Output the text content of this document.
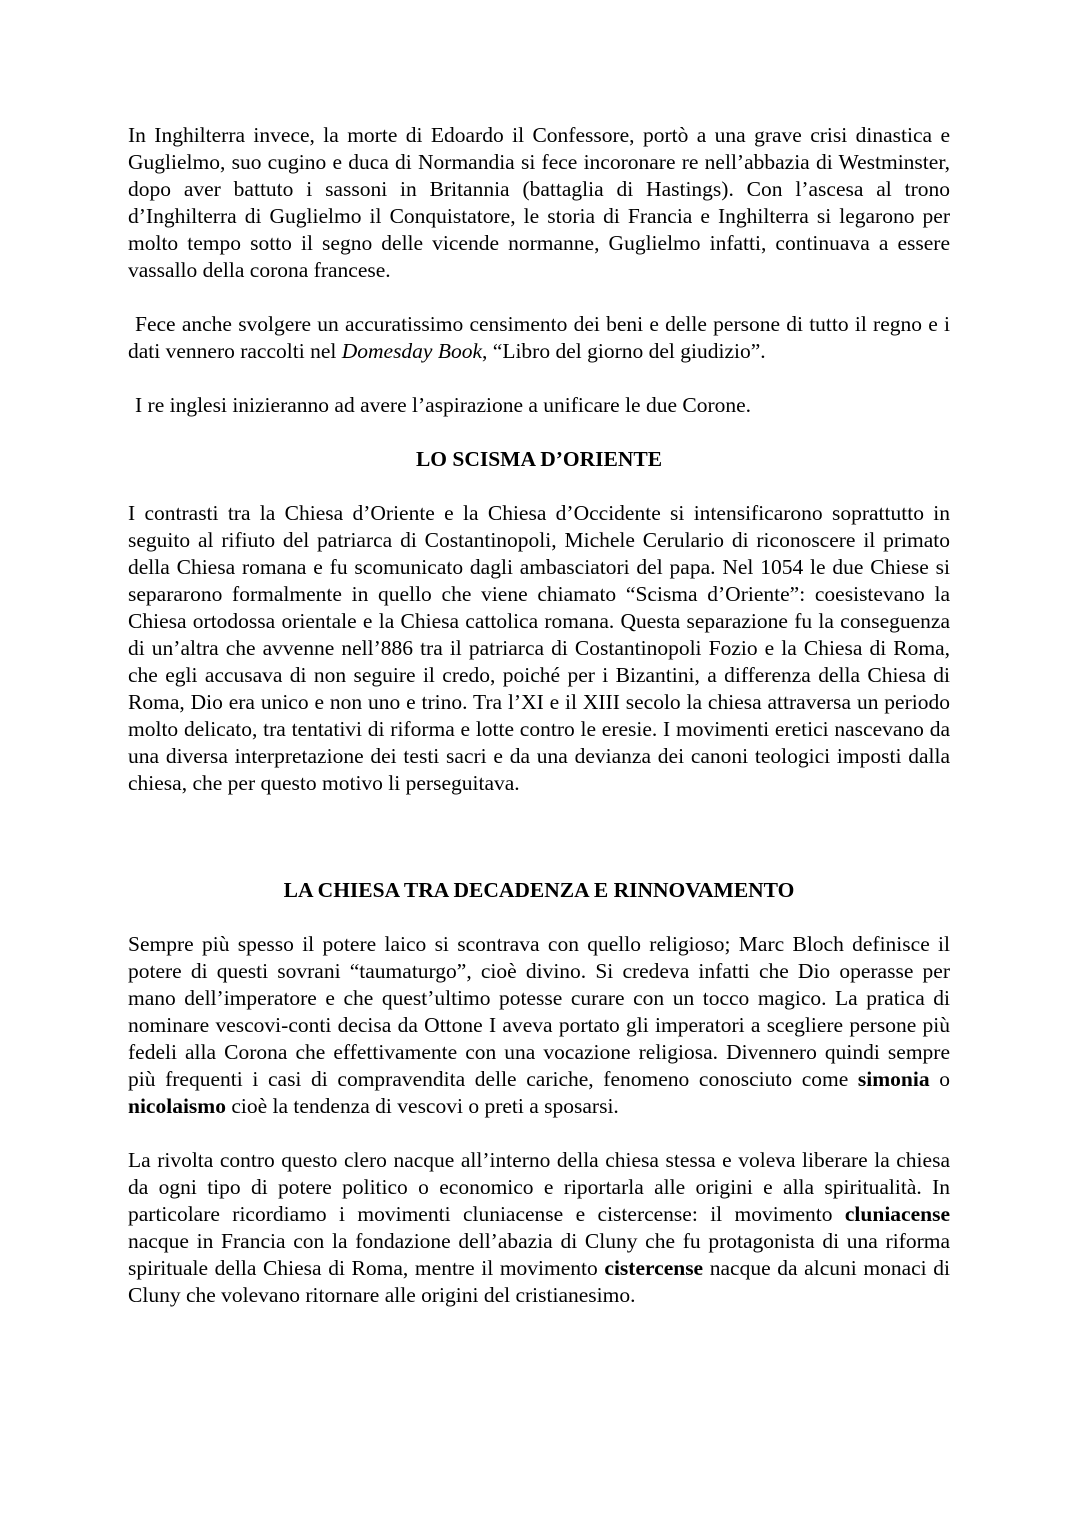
In Inghilterra invece, la morte di Edoardo il Confessore, portò a una grave crisi dinastica e Guglielmo, suo cugino e duca di Normandia si fece incoronare re nell’abbazia di Westminster, dopo aver battuto i sassoni in Britannia (battaglia di Hastings). Con l’ascesa al trono d’Inghilterra di Guglielmo il Conquistatore, le storia di Francia e Inghilterra si legarono per molto tempo sotto il segno delle vicende normanne, Guglielmo infatti, continuava a essere vassallo della corona francese.

Fece anche svolgere un accuratissimo censimento dei beni e delle persone di tutto il regno e i dati vennero raccolti nel Domesday Book, “Libro del giorno del giudizio”.

I re inglesi inizieranno ad avere l’aspirazione a unificare le due Corone.

LO SCISMA D’ORIENTE

I contrasti tra la Chiesa d’Oriente e la Chiesa d’Occidente si intensificarono soprattutto in seguito al rifiuto del patriarca di Costantinopoli, Michele Cerulario di riconoscere il primato della Chiesa romana e fu scomunicato dagli ambasciatori del papa. Nel 1054 le due Chiese si separarono formalmente in quello che viene chiamato “Scisma d’Oriente”: coesistevano la Chiesa ortodossa orientale e la Chiesa cattolica romana. Questa separazione fu la conseguenza di un’altra che avvenne nell’886 tra il patriarca di Costantinopoli Fozio e la Chiesa di Roma, che egli accusava di non seguire il credo, poiché per i Bizantini, a differenza della Chiesa di Roma, Dio era unico e non uno e trino. Tra l’XI e il XIII secolo la chiesa attraversa un periodo molto delicato, tra tentativi di riforma e lotte contro le eresie. I movimenti eretici nascevano da una diversa interpretazione dei testi sacri e da una devianza dei canoni teologici imposti dalla chiesa, che per questo motivo li perseguitava.

LA CHIESA TRA DECADENZA E RINNOVAMENTO

Sempre più spesso il potere laico si scontrava con quello religioso; Marc Bloch definisce il potere di questi sovrani “taumaturgo”, cioè divino. Si credeva infatti che Dio operasse per mano dell’imperatore e che quest’ultimo potesse curare con un tocco magico. La pratica di nominare vescovi-conti decisa da Ottone I aveva portato gli imperatori a scegliere persone più fedeli alla Corona che effettivamente con una vocazione religiosa. Divennero quindi sempre più frequenti i casi di compravendita delle cariche, fenomeno conosciuto come simonia o nicolaismo cioè la tendenza di vescovi o preti a sposarsi.

La rivolta contro questo clero nacque all’interno della chiesa stessa e voleva liberare la chiesa da ogni tipo di potere politico o economico e riportarla alle origini e alla spiritualità. In particolare ricordiamo i movimenti cluniacense e cistercense: il movimento cluniacense nacque in Francia con la fondazione dell’abazia di Cluny che fu protagonista di una riforma spirituale della Chiesa di Roma, mentre il movimento cistercense nacque da alcuni monaci di Cluny che volevano ritornare alle origini del cristianesimo.
